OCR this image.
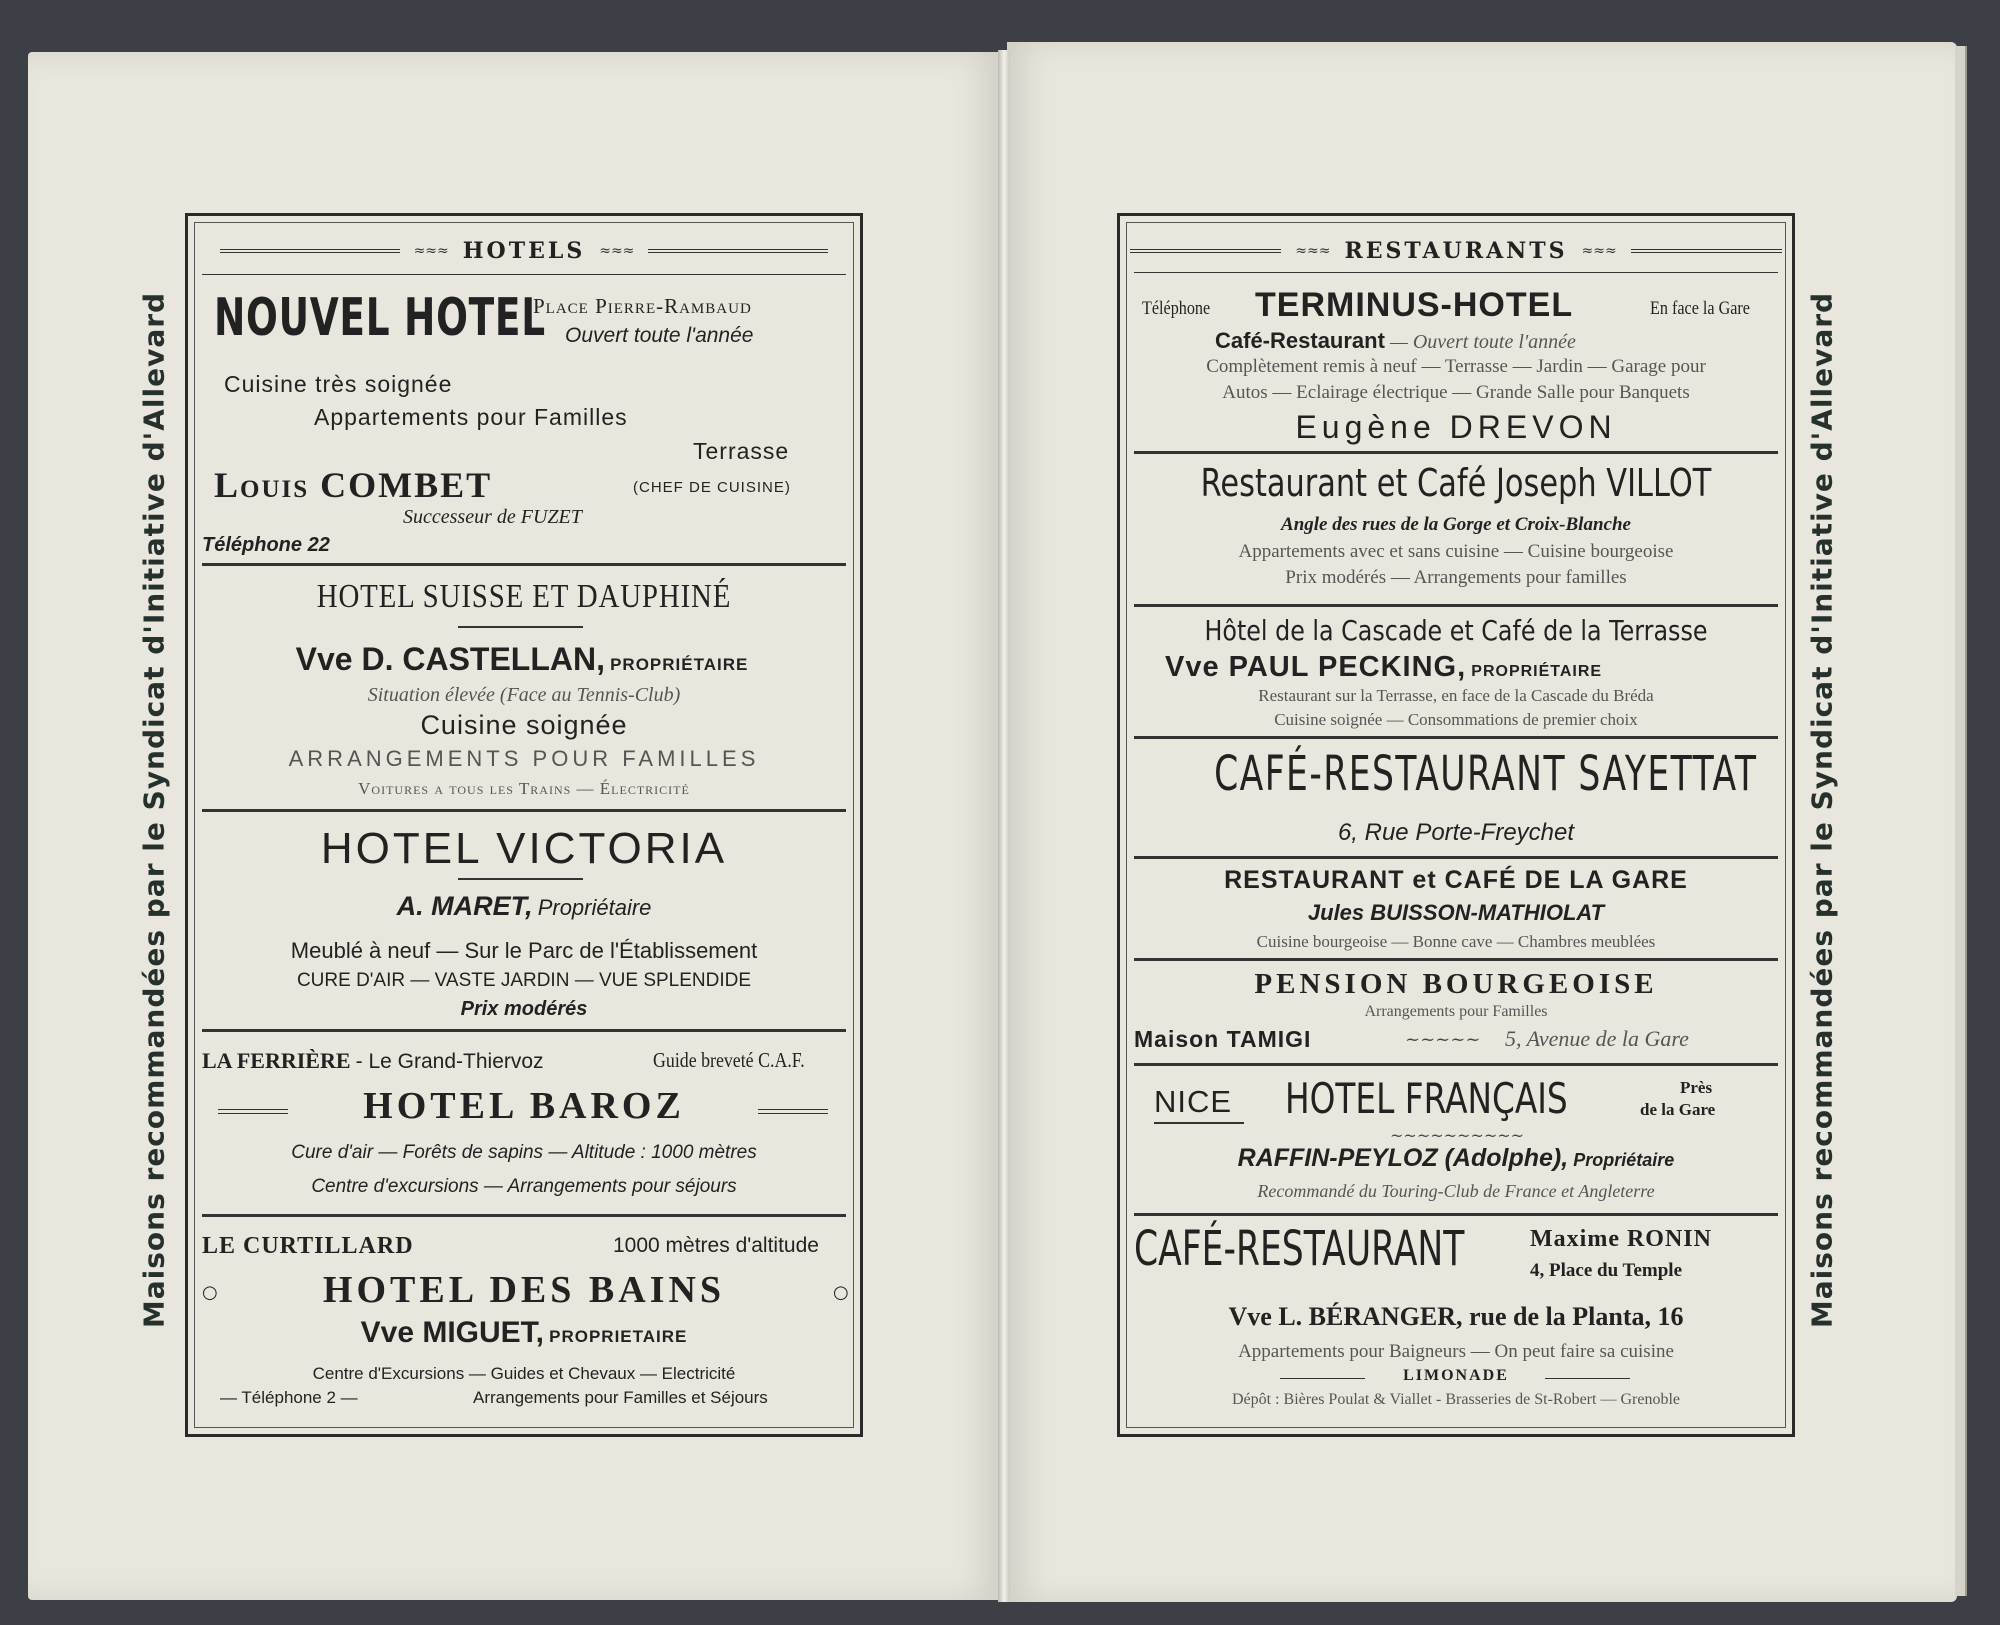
Maisons recommandées par le Syndicat d'Initiative d'Allevard	Maisons recommandées par le Syndicat d'Initiative d'Allevard
≈≈≈ HOTELS ≈≈≈
NOUVEL HOTEL
Place Pierre-Rambaud
Ouvert toute l'année
Cuisine très soignée
Appartements pour Familles
Terrasse
Louis COMBET	(CHEF DE CUISINE)
Successeur de FUZET
Téléphone 22
HOTEL SUISSE ET DAUPHINÉ
Vve D. CASTELLAN, PROPRIÉTAIRE
Situation élevée (Face au Tennis-Club)
Cuisine soignée
ARRANGEMENTS POUR FAMILLES
Voitures a tous les Trains — Électricité
HOTEL VICTORIA
A. MARET, Propriétaire
Meublé à neuf — Sur le Parc de l'Établissement
CURE D'AIR — VASTE JARDIN — VUE SPLENDIDE
Prix modérés
LA FERRIÈRE - Le Grand-Thiervoz	Guide breveté C.A.F.
HOTEL BAROZ
Cure d'air — Forêts de sapins — Altitude : 1000 mètres
Centre d'excursions — Arrangements pour séjours
LE CURTILLARD	1000 mètres d'altitude
○	HOTEL DES BAINS	○
Vve MIGUET, PROPRIETAIRE
Centre d'Excursions — Guides et Chevaux — Electricité
— Téléphone 2 —	Arrangements pour Familles et Séjours
≈≈≈ RESTAURANTS ≈≈≈
Téléphone TERMINUS-HOTEL	En face la Gare
Café-Restaurant — Ouvert toute l'année
Complètement remis à neuf — Terrasse — Jardin — Garage pour
Autos — Eclairage électrique — Grande Salle pour Banquets
Eugène DREVON
Restaurant et Café Joseph VILLOT
Angle des rues de la Gorge et Croix-Blanche
Appartements avec et sans cuisine — Cuisine bourgeoise
Prix modérés — Arrangements pour familles
Hôtel de la Cascade et Café de la Terrasse
Vve PAUL PECKING, PROPRIÉTAIRE
Restaurant sur la Terrasse, en face de la Cascade du Bréda
Cuisine soignée — Consommations de premier choix
CAFÉ-RESTAURANT SAYETTAT
6, Rue Porte-Freychet
RESTAURANT et CAFÉ DE LA GARE
Jules BUISSON-MATHIOLAT
Cuisine bourgeoise — Bonne cave — Chambres meublées
PENSION BOURGEOISE
Arrangements pour Familles
Maison TAMIGI	~~~~~ 5, Avenue de la Gare
NICE HOTEL FRANÇAIS	Près
de la Gare
~~~~~~~~~~
RAFFIN-PEYLOZ (Adolphe), Propriétaire
Recommandé du Touring-Club de France et Angleterre
CAFÉ-RESTAURANT	Maxime RONIN
4, Place du Temple
Vve L. BÉRANGER, rue de la Planta, 16
Appartements pour Baigneurs — On peut faire sa cuisine
LIMONADE
Dépôt : Bières Poulat & Viallet - Brasseries de St-Robert — Grenoble
